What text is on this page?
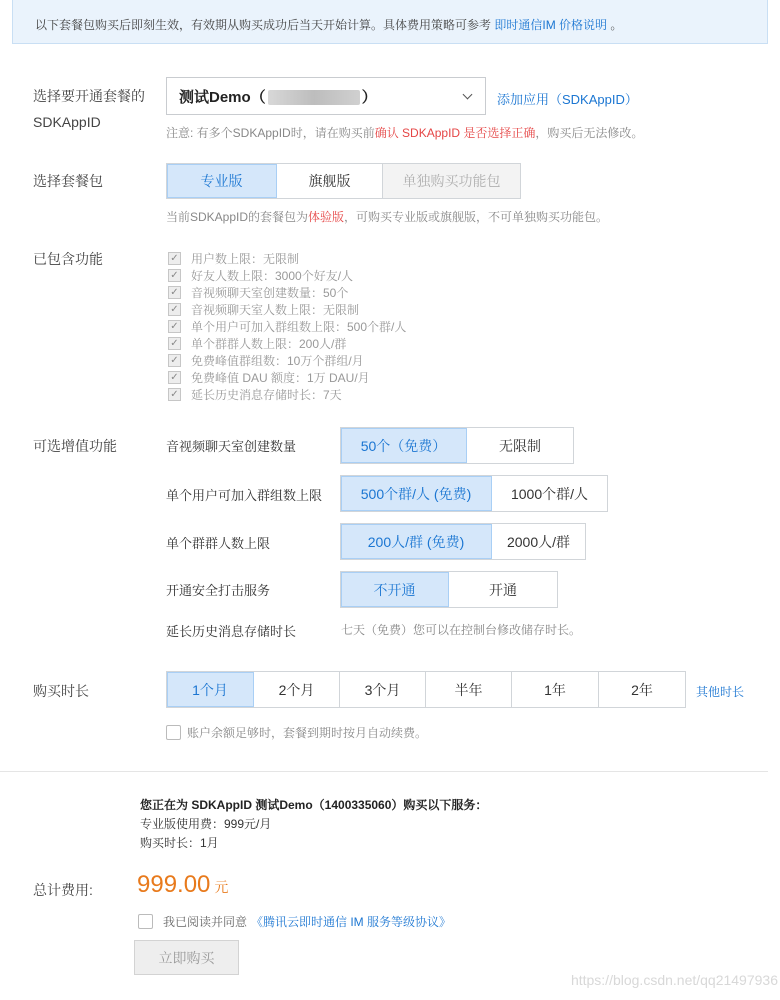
以下套餐包购买后即刻生效，有效期从购买成功后当天开始计算。具体费用策略可参考 即时通信IM 价格说明 。
选择要开通套餐的
SDKAppID
测试Demo（	）	添加应用（SDKAppID）
注意: 有多个SDKAppID时，请在购买前确认 SDKAppID 是否选择正确，购买后无法修改。
选择套餐包	专业版	旗舰版	单独购买功能包
当前SDKAppID的套餐包为体验版，可购买专业版或旗舰版，不可单独购买功能包。
已包含功能	✓ 用户数上限：无限制
✓ 好友人数上限：3000个好友/人
✓ 音视频聊天室创建数量：50个
✓ 音视频聊天室人数上限：无限制
✓ 单个用户可加入群组数上限：500个群/人
✓ 单个群群人数上限：200人/群
✓ 免费峰值群组数：10万个群组/月
✓ 免费峰值 DAU 额度：1万 DAU/月
✓ 延长历史消息存储时长：7天
可选增值功能	音视频聊天室创建数量	50个（免费）	无限制
单个用户可加入群组数上限	500个群/人 (免费)	1000个群/人
单个群群人数上限	200人/群 (免费)	2000人/群
开通安全打击服务	不开通	开通
延长历史消息存储时长	七天（免费）您可以在控制台修改储存时长。
购买时长	1个月	2个月	3个月	半年	1年	2年	其他时长
账户余额足够时，套餐到期时按月自动续费。
您正在为 SDKAppID 测试Demo（1400335060）购买以下服务：
专业版使用费：999元/月
购买时长：1月
总计费用: 999.00 元
我已阅读并同意 《腾讯云即时通信 IM 服务等级协议》
立即购买
https://blog.csdn.net/qq21497936
